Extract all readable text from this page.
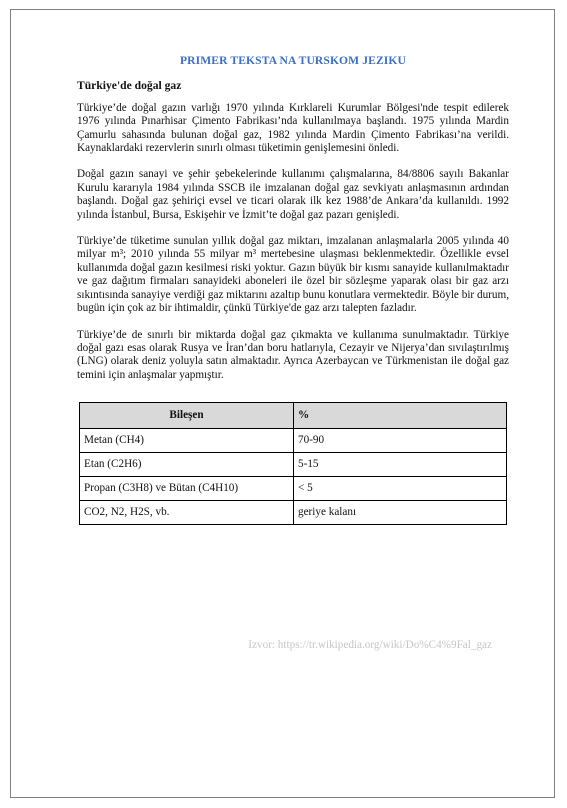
PRIMER TEKSTA NA TURSKOM JEZIKU
Türkiye'de doğal gaz

Türkiye’de doğal gazın varlığı 1970 yılında Kırklareli Kurumlar Bölgesi'nde tespit edilerek 1976 yılında Pınarhisar Çimento Fabrikası’nda kullanılmaya başlandı. 1975 yılında Mardin Çamurlu sahasında bulunan doğal gaz, 1982 yılında Mardin Çimento Fabrikası’na verildi. Kaynaklardaki rezervlerin sınırlı olması tüketimin genişlemesini önledi.

Doğal gazın sanayi ve şehir şebekelerinde kullanımı çalışmalarına, 84/8806 sayılı Bakanlar Kurulu kararıyla 1984 yılında SSCB ile imzalanan doğal gaz sevkiyatı anlaşmasının ardından başlandı. Doğal gaz şehiriçi evsel ve ticari olarak ilk kez 1988’de Ankara’da kullanıldı. 1992 yılında İstanbul, Bursa, Eskişehir ve İzmit’te doğal gaz pazarı genişledi.

Türkiye’de tüketime sunulan yıllık doğal gaz miktarı, imzalanan anlaşmalarla 2005 yılında 40 milyar m³; 2010 yılında 55 milyar m³ mertebesine ulaşması beklenmektedir. Özellikle evsel kullanımda doğal gazın kesilmesi riski yoktur. Gazın büyük bir kısmı sanayide kullanılmaktadır ve gaz dağıtım firmaları sanayideki aboneleri ile özel bir sözleşme yaparak olası bir gaz arzı sıkıntısında sanayiye verdiği gaz miktarını azaltıp bunu konutlara vermektedir. Böyle bir durum, bugün için çok az bir ihtimaldir, çünkü Türkiye'de gaz arzı talepten fazladır.

Türkiye’de de sınırlı bir miktarda doğal gaz çıkmakta ve kullanıma sunulmaktadır. Türkiye doğal gazı esas olarak Rusya ve İran’dan boru hatlarıyla, Cezayir ve Nijerya’dan sıvılaştırılmış (LNG) olarak deniz yoluyla satın almaktadır. Ayrıca Azerbaycan ve Türkmenistan ile doğal gaz temini için anlaşmalar yapmıştır.

Bileşen	%
Metan (CH4)	70-90
Etan (C2H6)	5-15
Propan (C3H8) ve Bütan (C4H10)	< 5
CO2, N2, H2S, vb.	geriye kalanı
Izvor: https://tr.wikipedia.org/wiki/Do%C4%9Fal_gaz
